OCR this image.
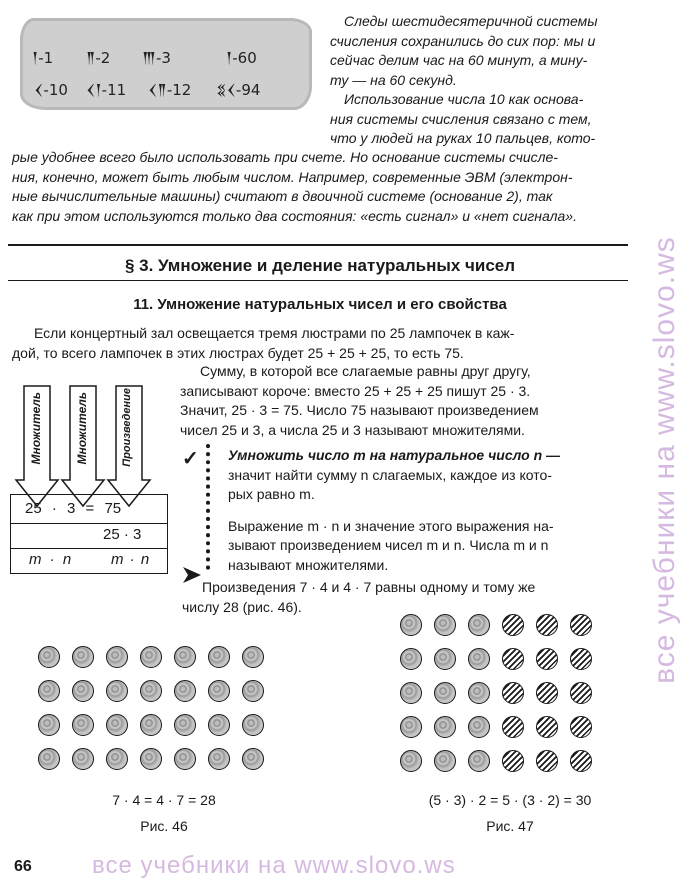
𒁹-1 𒈫-2 𒐈-3	𒁹-60
𒌋-10 𒌋𒁹-11 𒌋𒈫-12 𒐏𒌋-94
Следы шестидесятеричной системы
счисления сохранились до сих пор: мы и
сейчас делим час на 60 минут, а мину-
ту — на 60 секунд.
Использование числа 10 как основа-
ния системы счисления связано с тем,
что у людей на руках 10 пальцев, кото-
рые удобнее всего было использовать при счете. Но основание системы счисле-
ния, конечно, может быть любым числом. Например, современные ЭВМ (электрон-
ные вычислительные машины) считают в двоичной системе (основание 2), так
как при этом используются только два состояния: «есть сигнал» и «нет сигнала».
§ 3. Умножение и деление натуральных чисел
11. Умножение натуральных чисел и его свойства
Если концертный зал освещается тремя люстрами по 25 лампочек в каж-
дой, то всего лампочек в этих люстрах будет 25 + 25 + 25, то есть 75.
Множитель	Множитель	Произведение
25 · 3 = 75
25 · 3
m · n	m · n
Сумму, в которой все слагаемые равны друг другу,
записывают короче: вместо 25 + 25 + 25 пишут 25 · 3.
Значит, 25 · 3 = 75. Число 75 называют произведением
чисел 25 и 3, а числа 25 и 3 называют множителями.
✓ Умножить число m на натуральное число n —
значит найти сумму n слагаемых, каждое из кото-
рых равно m.
Выражение m · n и значение этого выражения на-
зывают произведением чисел m и n. Числа m и n
называют множителями.
Произведения 7 · 4 и 4 · 7 равны одному и тому же
числу 28 (рис. 46).
7 · 4 = 4 · 7 = 28
Рис. 46
(5 · 3) · 2 = 5 · (3 · 2) = 30
Рис. 47
66
все учебники на www.slovo.ws
все учебники на www.slovo.ws
